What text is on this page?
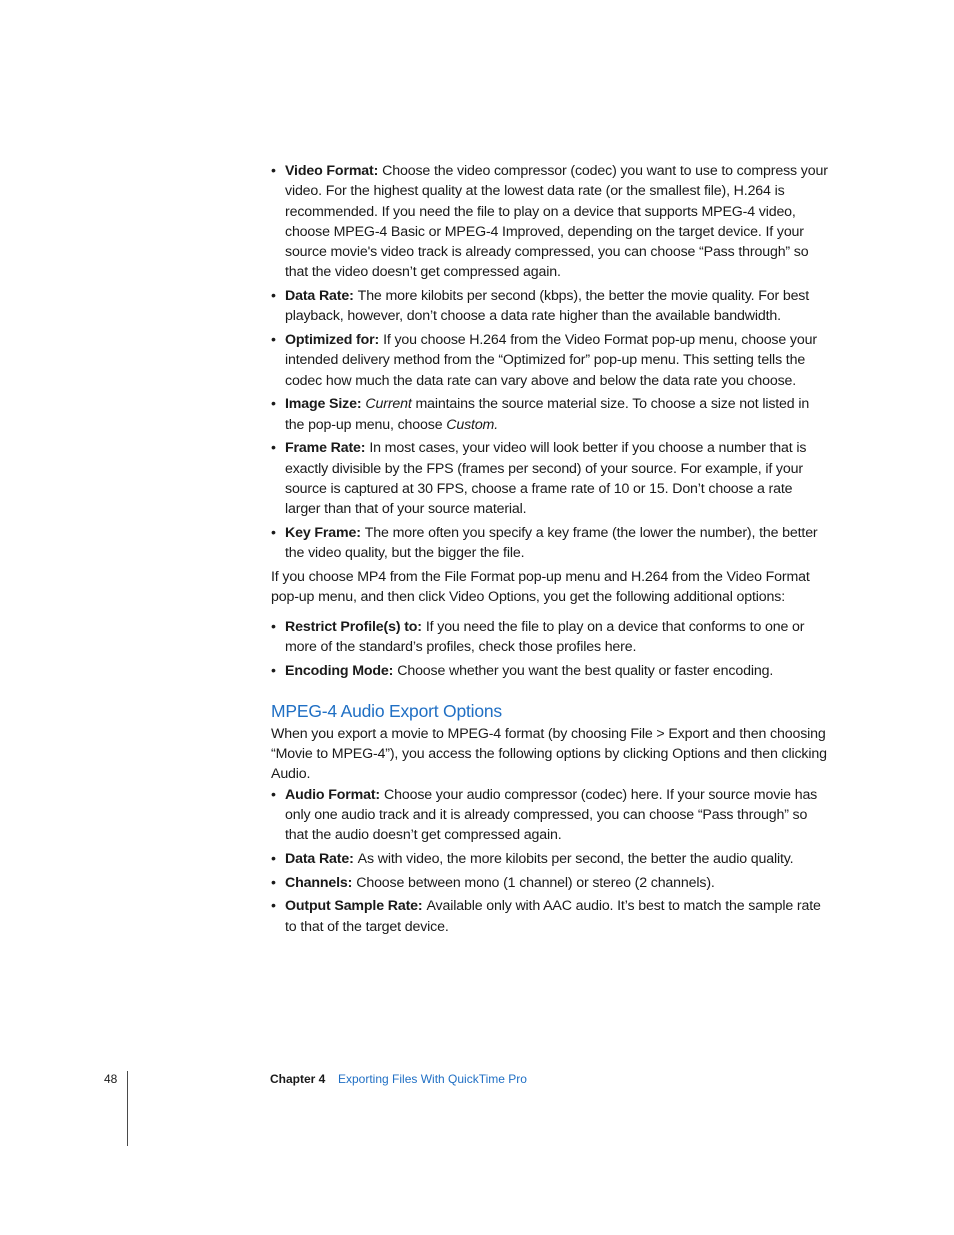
• Video Format: Choose the video compressor (codec) you want to use to compress your video. For the highest quality at the lowest data rate (or the smallest file), H.264 is recommended. If you need the file to play on a device that supports MPEG-4 video, choose MPEG-4 Basic or MPEG-4 Improved, depending on the target device. If your source movie's video track is already compressed, you can choose “Pass through” so that the video doesn’t get compressed again.
• Data Rate: The more kilobits per second (kbps), the better the movie quality. For best playback, however, don’t choose a data rate higher than the available bandwidth.
• Optimized for: If you choose H.264 from the Video Format pop-up menu, choose your intended delivery method from the “Optimized for” pop-up menu. This setting tells the codec how much the data rate can vary above and below the data rate you choose.
• Image Size: Current maintains the source material size. To choose a size not listed in the pop-up menu, choose Custom.
• Frame Rate: In most cases, your video will look better if you choose a number that is exactly divisible by the FPS (frames per second) of your source. For example, if your source is captured at 30 FPS, choose a frame rate of 10 or 15. Don’t choose a rate larger than that of your source material.
• Key Frame: The more often you specify a key frame (the lower the number), the better the video quality, but the bigger the file.

If you choose MP4 from the File Format pop-up menu and H.264 from the Video Format pop-up menu, and then click Video Options, you get the following additional options:

• Restrict Profile(s) to: If you need the file to play on a device that conforms to one or more of the standard’s profiles, check those profiles here.
• Encoding Mode: Choose whether you want the best quality or faster encoding.
MPEG-4 Audio Export Options

When you export a movie to MPEG-4 format (by choosing File > Export and then choosing “Movie to MPEG-4”), you access the following options by clicking Options and then clicking Audio.

• Audio Format: Choose your audio compressor (codec) here. If your source movie has only one audio track and it is already compressed, you can choose “Pass through” so that the audio doesn’t get compressed again.
• Data Rate: As with video, the more kilobits per second, the better the audio quality.
• Channels: Choose between mono (1 channel) or stereo (2 channels).
• Output Sample Rate: Available only with AAC audio. It’s best to match the sample rate to that of the target device.
48	Chapter 4 Exporting Files With QuickTime Pro
